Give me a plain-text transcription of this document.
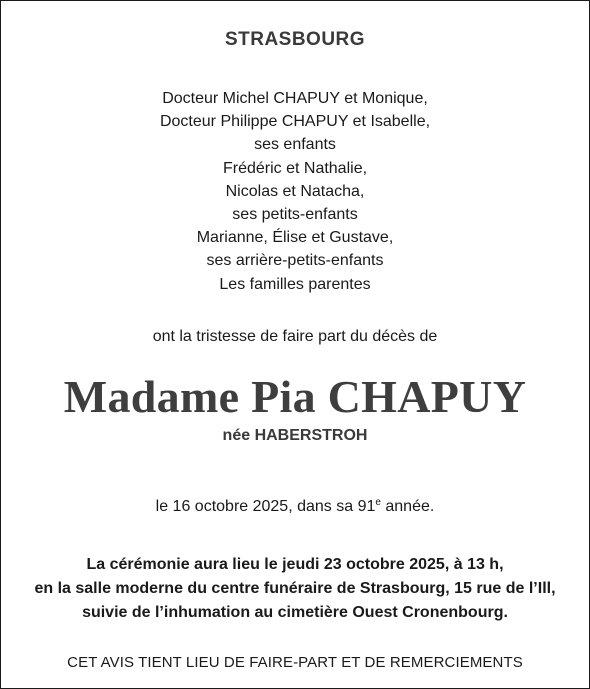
STRASBOURG
Docteur Michel CHAPUY et Monique,
Docteur Philippe CHAPUY et Isabelle,
ses enfants
Frédéric et Nathalie,
Nicolas et Natacha,
ses petits-enfants
Marianne, Élise et Gustave,
ses arrière-petits-enfants
Les familles parentes
ont la tristesse de faire part du décès de
Madame Pia CHAPUY
née HABERSTROH
le 16 octobre 2025, dans sa 91e année.
La cérémonie aura lieu le jeudi 23 octobre 2025, à 13 h,
en la salle moderne du centre funéraire de Strasbourg, 15 rue de l’Ill,
suivie de l’inhumation au cimetière Ouest Cronenbourg.
CET AVIS TIENT LIEU DE FAIRE-PART ET DE REMERCIEMENTS
